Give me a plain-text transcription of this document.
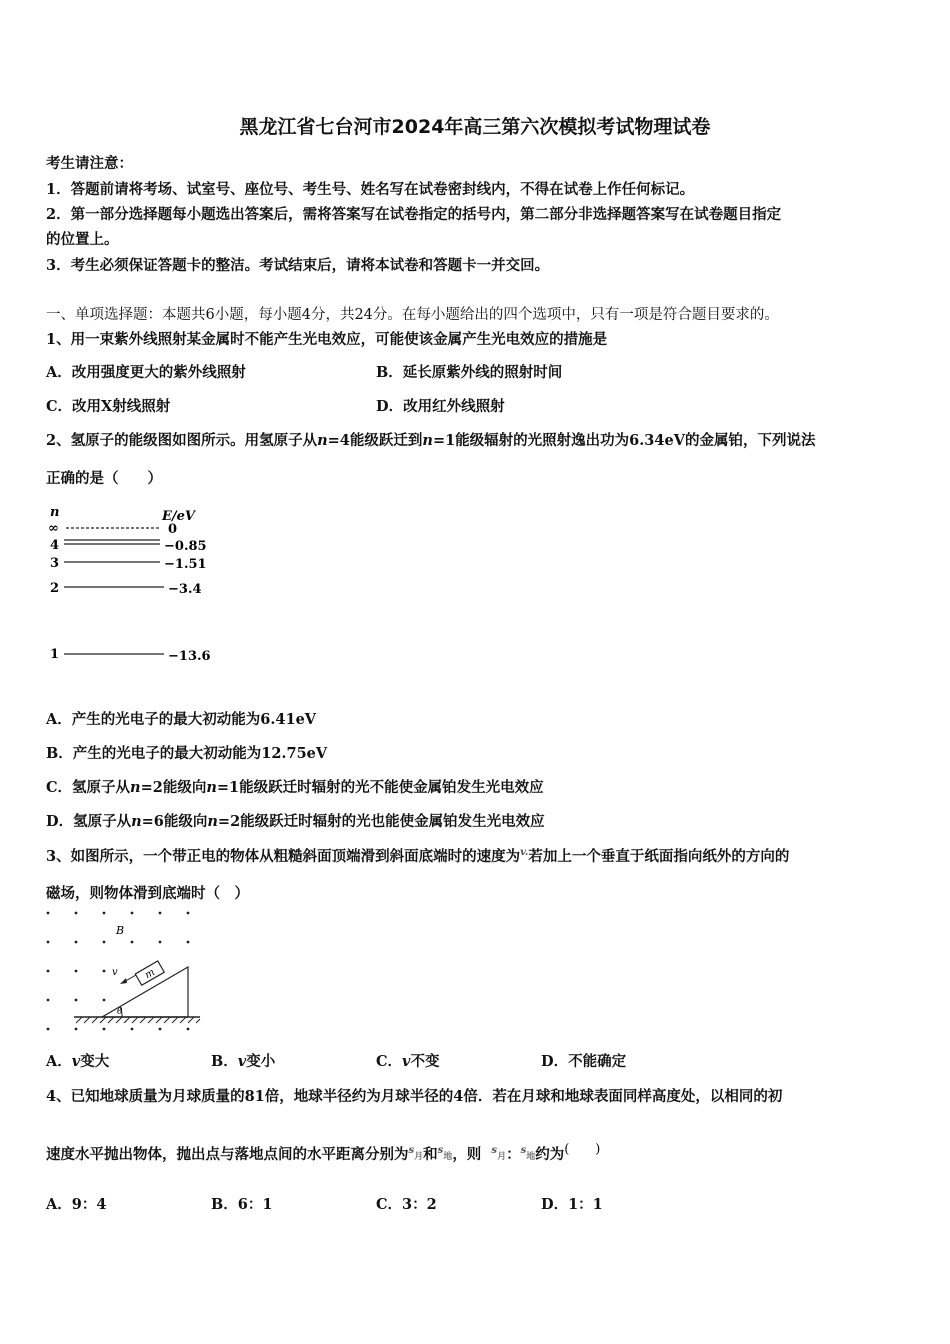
黑龙江省七台河市2024年高三第六次模拟考试物理试卷
考生请注意：
1．答题前请将考场、试室号、座位号、考生号、姓名写在试卷密封线内，不得在试卷上作任何标记。
2．第一部分选择题每小题选出答案后，需将答案写在试卷指定的括号内，第二部分非选择题答案写在试卷题目指定
的位置上。
3．考生必须保证答题卡的整洁。考试结束后，请将本试卷和答题卡一并交回。
一、单项选择题：本题共6小题，每小题4分，共24分。在每小题给出的四个选项中，只有一项是符合题目要求的。
1、用一束紫外线照射某金属时不能产生光电效应，可能使该金属产生光电效应的措施是
A．改用强度更大的紫外线照射	B．延长原紫外线的照射时间
C．改用X射线照射	D．改用红外线照射
2、氢原子的能级图如图所示。用氢原子从n=4能级跃迁到n=1能级辐射的光照射逸出功为6.34eV的金属铂，下列说法
正确的是（　　）
n	E/eV
∞	0
4	−0.85
3	−1.51
2	−3.4
1	−13.6
A．产生的光电子的最大初动能为6.41eV
B．产生的光电子的最大初动能为12.75eV
C．氢原子从n=2能级向n=1能级跃迁时辐射的光不能使金属铂发生光电效应
D．氢原子从n=6能级向n=2能级跃迁时辐射的光也能使金属铂发生光电效应
3、如图所示，一个带正电的物体从粗糙斜面顶端滑到斜面底端时的速度为$^{v.}$若加上一个垂直于纸面指向纸外的方向的
磁场，则物体滑到底端时（　）
B
m
v
θ
A．v变大	B．v变小	C．v不变	D．不能确定
4、已知地球质量为月球质量的81倍，地球半径约为月球半径的4倍．若在月球和地球表面同样高度处，以相同的初
速度水平抛出物体，抛出点与落地点间的水平距离分别为$^s$月和$^s$地，则 $^s$月：$^s$地约为(　　)
A．9：4	B．6：1	C．3：2	D．1：1
